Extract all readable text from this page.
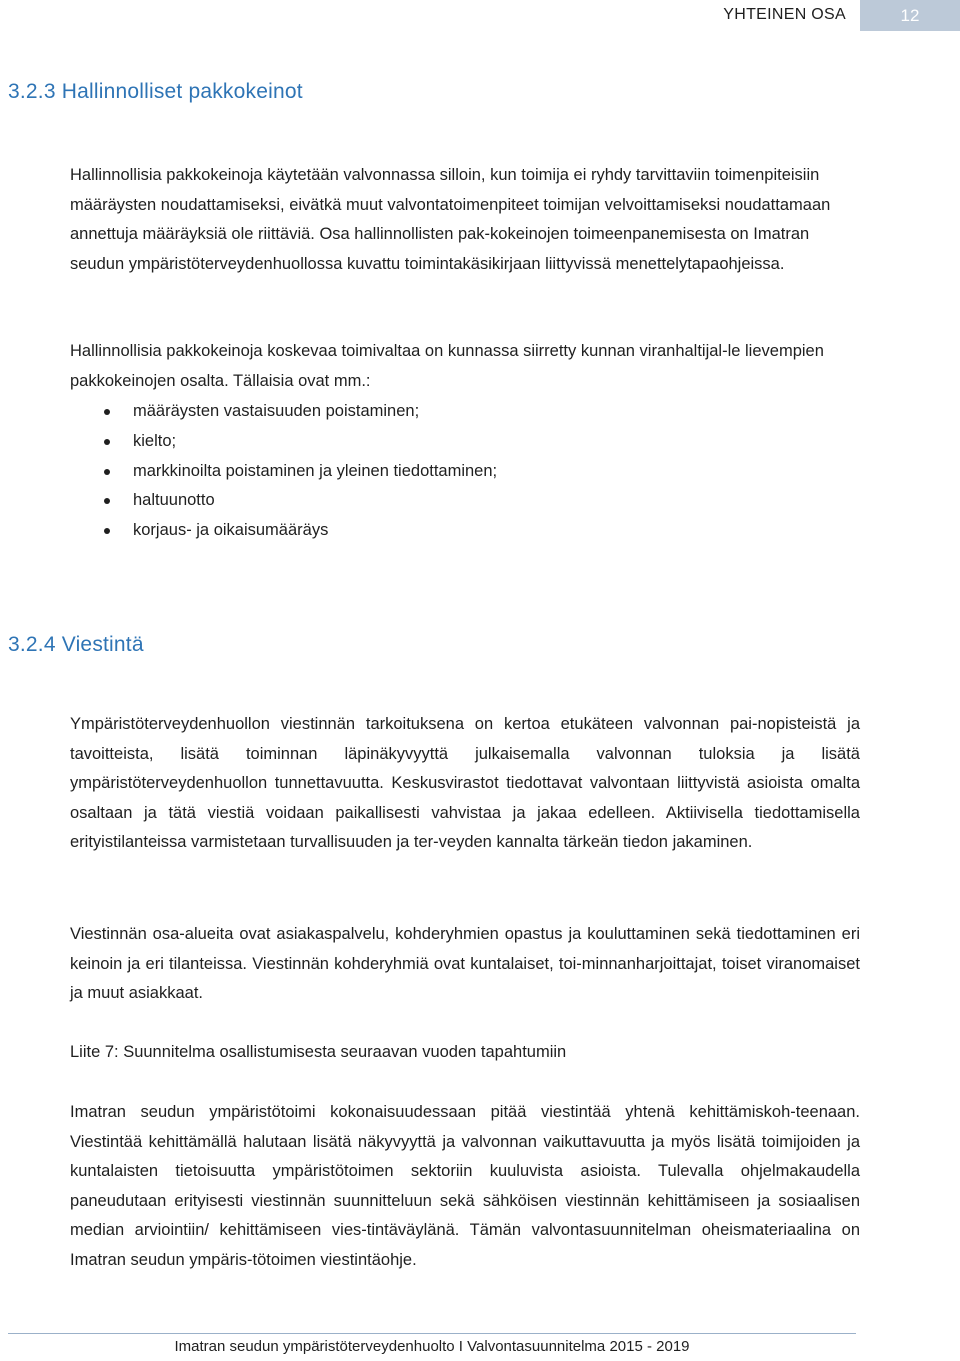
YHTEINEN OSA	12
3.2.3 Hallinnolliset pakkokeinot

Hallinnollisia pakkokeinoja käytetään valvonnassa silloin, kun toimija ei ryhdy tarvittaviin toimenpiteisiin määräysten noudattamiseksi, eivätkä muut valvontatoimenpiteet toimijan velvoittamiseksi noudattamaan annettuja määräyksiä ole riittäviä. Osa hallinnollisten pak-kokeinojen toimeenpanemisesta on Imatran seudun ympäristöterveydenhuollossa kuvattu toimintakäsikirjaan liittyvissä menettelytapaohjeissa.

Hallinnollisia pakkokeinoja koskevaa toimivaltaa on kunnassa siirretty kunnan viranhaltijal-le lievempien pakkokeinojen osalta. Tällaisia ovat mm.:

määräysten vastaisuuden poistaminen;
kielto;
markkinoilta poistaminen ja yleinen tiedottaminen;
haltuunotto
korjaus- ja oikaisumääräys
3.2.4 Viestintä

Ympäristöterveydenhuollon viestinnän tarkoituksena on kertoa etukäteen valvonnan pai-nopisteistä ja tavoitteista, lisätä toiminnan läpinäkyvyyttä julkaisemalla valvonnan tuloksia ja lisätä ympäristöterveydenhuollon tunnettavuutta. Keskusvirastot tiedottavat valvontaan liittyvistä asioista omalta osaltaan ja tätä viestiä voidaan paikallisesti vahvistaa ja jakaa edelleen. Aktiivisella tiedottamisella erityistilanteissa varmistetaan turvallisuuden ja ter-veyden kannalta tärkeän tiedon jakaminen.

Viestinnän osa-alueita ovat asiakaspalvelu, kohderyhmien opastus ja kouluttaminen sekä tiedottaminen eri keinoin ja eri tilanteissa. Viestinnän kohderyhmiä ovat kuntalaiset, toi-minnanharjoittajat, toiset viranomaiset ja muut asiakkaat.

Liite 7: Suunnitelma osallistumisesta seuraavan vuoden tapahtumiin

Imatran seudun ympäristötoimi kokonaisuudessaan pitää viestintää yhtenä kehittämiskoh-teenaan. Viestintää kehittämällä halutaan lisätä näkyvyyttä ja valvonnan vaikuttavuutta ja myös lisätä toimijoiden ja kuntalaisten tietoisuutta ympäristötoimen sektoriin kuuluvista asioista. Tulevalla ohjelmakaudella paneudutaan erityisesti viestinnän suunnitteluun sekä sähköisen viestinnän kehittämiseen ja sosiaalisen median arviointiin/ kehittämiseen vies-tintäväylänä. Tämän valvontasuunnitelman oheismateriaalina on Imatran seudun ympäris-tötoimen viestintäohje.

Imatran seudun ympäristöterveydenhuolto I Valvontasuunnitelma 2015 - 2019
